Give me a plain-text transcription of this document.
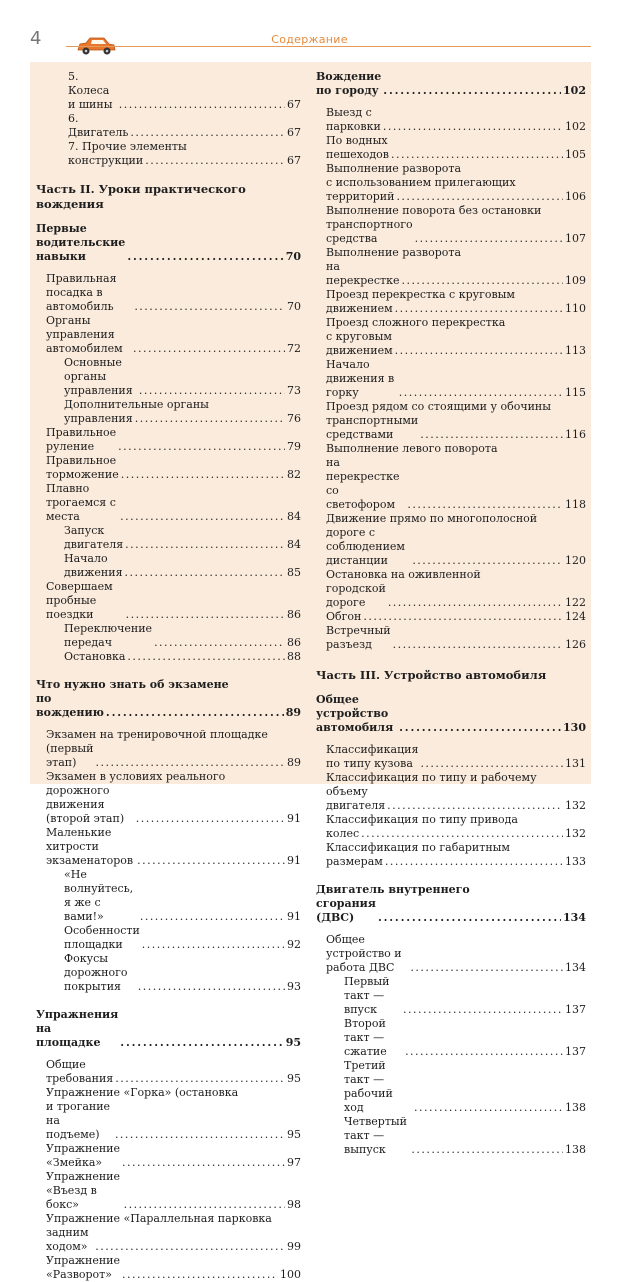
4	Содержание
5. Колеса и шины . . .	67
6. Двигатель . . .	67
7. Прочие элементы
конструкции . . .	67
Часть II. Уроки практического
вождения
Первые водительские навыки . . .	70
Правильная посадка в автомобиль . . .	70
Органы управления автомобилем . . .	72
Основные органы управления . . .	73
Дополнительные органы
управления . . .	76
Правильное руление . . .	79
Правильное торможение . . .	82
Плавно трогаемся с места . . .	84
Запуск двигателя . . .	84
Начало движения . . .	85
Совершаем пробные поездки . . .	86
Переключение передач . . .	86
Остановка . . .	88
Что нужно знать об экзамене
по вождению . . .	89
Экзамен на тренировочной площадке
(первый этап) . . .	89
Экзамен в условиях реального
дорожного движения (второй этап) . . .	91
Маленькие хитрости экзаменаторов . . .	91
«Не волнуйтесь, я же с вами!» . . .	91
Особенности площадки . . .	92
Фокусы дорожного покрытия . . .	93
Упражнения на площадке . . .	95
Общие требования . . .	95
Упражнение «Горка» (остановка
и трогание на подъеме) . . .	95
Упражнение «Змейка» . . .	97
Упражнение «Въезд в бокс» . . .	98
Упражнение «Параллельная парковка
задним ходом» . . .	99
Упражнение «Разворот» . . .	100
Вождение по городу . . .	102
Выезд с парковки . . .	102
По водных пешеходов . . .	105
Выполнение разворота
с использованием прилегающих
территорий . . .	106
Выполнение поворота без остановки
транспортного средства . . .	107
Выполнение разворота
на перекрестке . . .	109
Проезд перекрестка с круговым
движением . . .	110
Проезд сложного перекрестка
с круговым движением . . .	113
Начало движения в горку . . .	115
Проезд рядом со стоящими у обочины
транспортными средствами . . .	116
Выполнение левого поворота
на перекрестке со светофором . . .	118
Движение прямо по многополосной
дороге с соблюдением дистанции . . .	120
Остановка на оживленной
городской дороге . . .	122
Обгон . . .	124
Встречный разъезд . . .	126
Часть III. Устройство автомобиля
Общее устройство автомобиля . . .	130
Классификация по типу кузова . . .	131
Классификация по типу и рабочему
объему двигателя . . .	132
Классификация по типу привода
колес . . .	132
Классификация по габаритным
размерам . . .	133
Двигатель внутреннего
сгорания (ДВС) . . .	134
Общее устройство и работа ДВС . . .	134
Первый такт — впуск . . .	137
Второй такт — сжатие . . .	137
Третий такт — рабочий ход . . .	138
Четвертый такт — выпуск . . .	138
